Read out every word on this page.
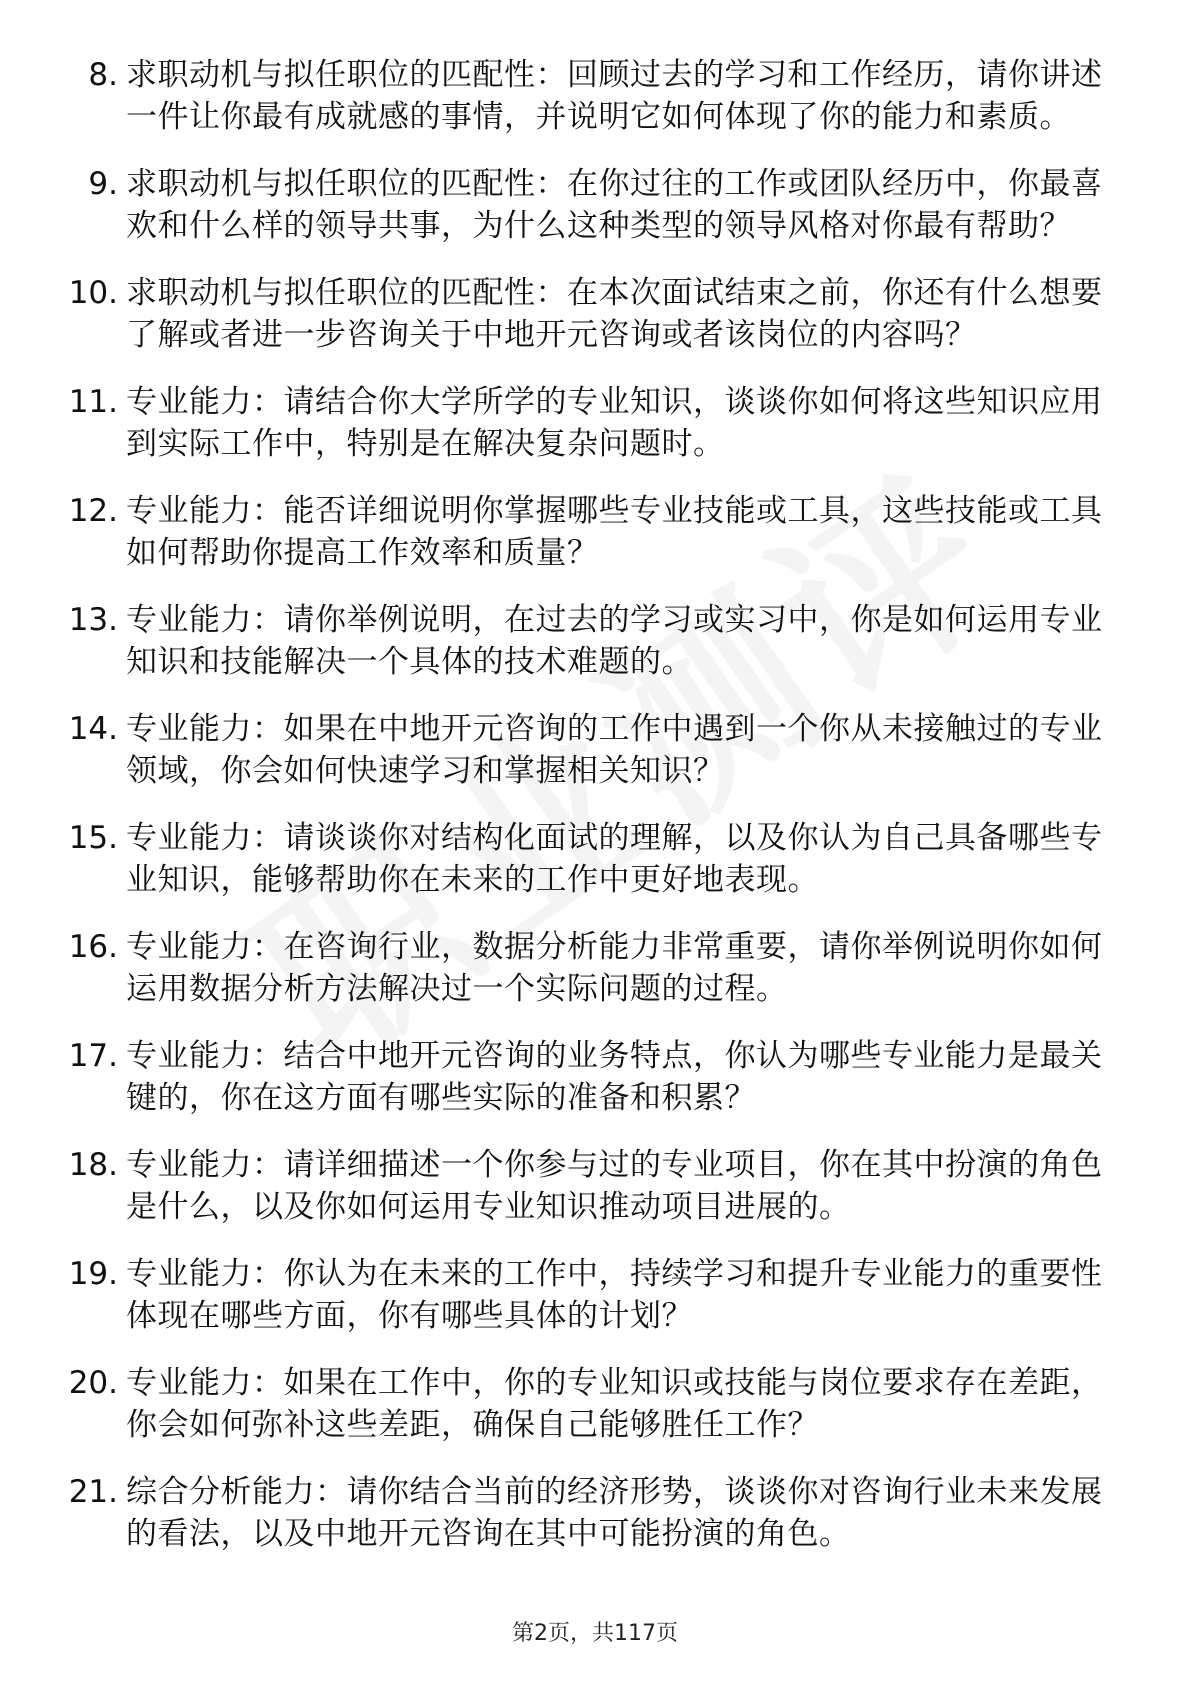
8. 求职动机与拟任职位的匹配性：回顾过去的学习和工作经历，请你讲述一件让你最有成就感的事情，并说明它如何体现了你的能力和素质。
9. 求职动机与拟任职位的匹配性：在你过往的工作或团队经历中，你最喜欢和什么样的领导共事，为什么这种类型的领导风格对你最有帮助？
10. 求职动机与拟任职位的匹配性：在本次面试结束之前，你还有什么想要了解或者进一步咨询关于中地开元咨询或者该岗位的内容吗？
11. 专业能力：请结合你大学所学的专业知识，谈谈你如何将这些知识应用到实际工作中，特别是在解决复杂问题时。
12. 专业能力：能否详细说明你掌握哪些专业技能或工具，这些技能或工具如何帮助你提高工作效率和质量？
13. 专业能力：请你举例说明，在过去的学习或实习中，你是如何运用专业知识和技能解决一个具体的技术难题的。
14. 专业能力：如果在中地开元咨询的工作中遇到一个你从未接触过的专业领域，你会如何快速学习和掌握相关知识？
15. 专业能力：请谈谈你对结构化面试的理解，以及你认为自己具备哪些专业知识，能够帮助你在未来的工作中更好地表现。
16. 专业能力：在咨询行业，数据分析能力非常重要，请你举例说明你如何运用数据分析方法解决过一个实际问题的过程。
17. 专业能力：结合中地开元咨询的业务特点，你认为哪些专业能力是最关键的，你在这方面有哪些实际的准备和积累？
18. 专业能力：请详细描述一个你参与过的专业项目，你在其中扮演的角色是什么，以及你如何运用专业知识推动项目进展的。
19. 专业能力：你认为在未来的工作中，持续学习和提升专业能力的重要性体现在哪些方面，你有哪些具体的计划？
20. 专业能力：如果在工作中，你的专业知识或技能与岗位要求存在差距，你会如何弥补这些差距，确保自己能够胜任工作？
21. 综合分析能力：请你结合当前的经济形势，谈谈你对咨询行业未来发展的看法，以及中地开元咨询在其中可能扮演的角色。
第2页，共117页
